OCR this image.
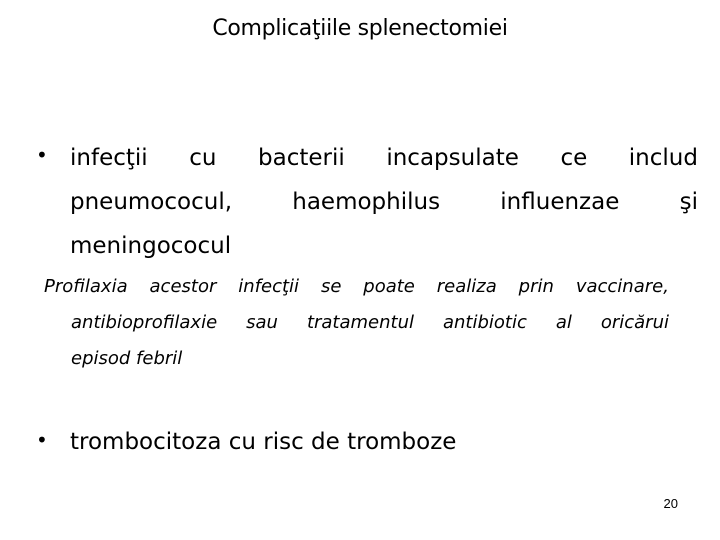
Complicaţiile splenectomiei
• infecţii cu bacterii incapsulate ce includ
pneumococul,	haemophilus	influenzae	şi
meningococul
Profilaxia acestor infecţii se poate realiza prin vaccinare,
antibioprofilaxie sau tratamentul antibiotic al oricărui
episod febril
• trombocitoza cu risc de tromboze
20
